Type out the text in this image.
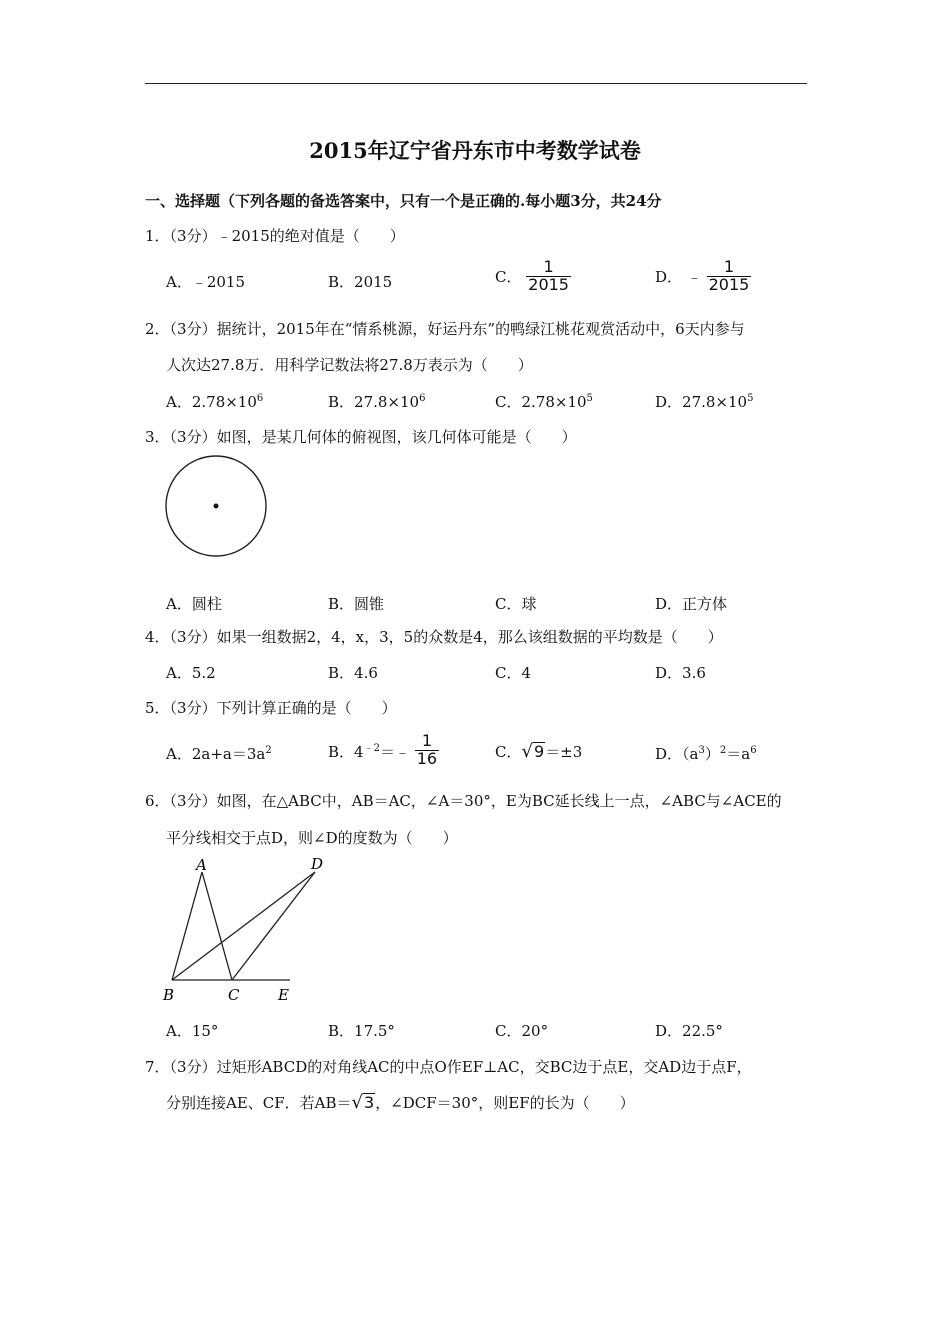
2015年辽宁省丹东市中考数学试卷
一、选择题（下列各题的备选答案中，只有一个是正确的.每小题3分，共24分
1．（3分）﹣2015的绝对值是（　　）
A．﹣2015	B．2015	C． $\frac{1}{2015}$	D． ﹣ $\frac{1}{2015}$
2．（3分）据统计，2015年在“情系桃源，好运丹东”的鸭绿江桃花观赏活动中，6天内参与
人次达27.8万．用科学记数法将27.8万表示为（　　）
A．$2.78\times 10^6$	B．$27.8\times 10^6$	C．$2.78\times 10^5$	D．$27.8\times 10^5$
3．（3分）如图，是某几何体的俯视图，该几何体可能是（　　）
A．圆柱	B．圆锥	C．球	D．正方体
4．（3分）如果一组数据2，4，x，3，5的众数是4，那么该组数据的平均数是（　　）
A．5.2	B．4.6	C．4	D．3.6
5．（3分）下列计算正确的是（　　）
A．$2a+a=3a^2$	B．$4^{﹣2}=﹣ \frac{1}{16}$	C． √ 9 ＝±3	D．$(a^3)^2=a^6$
6．（3分）如图，在△ABC中，AB＝AC，∠A＝30°，E为BC延长线上一点，∠ABC与∠ACE的
平分线相交于点D，则∠D的度数为（　　）
A	D
B	C	E
A．15°	B．17.5°	C．20°	D．22.5°
7．（3分）过矩形ABCD的对角线AC的中点O作EF⊥AC，交BC边于点E，交AD边于点F，
分别连接AE、CF．若AB＝ √ 3 ，∠DCF＝30°，则EF的长为（　　）
